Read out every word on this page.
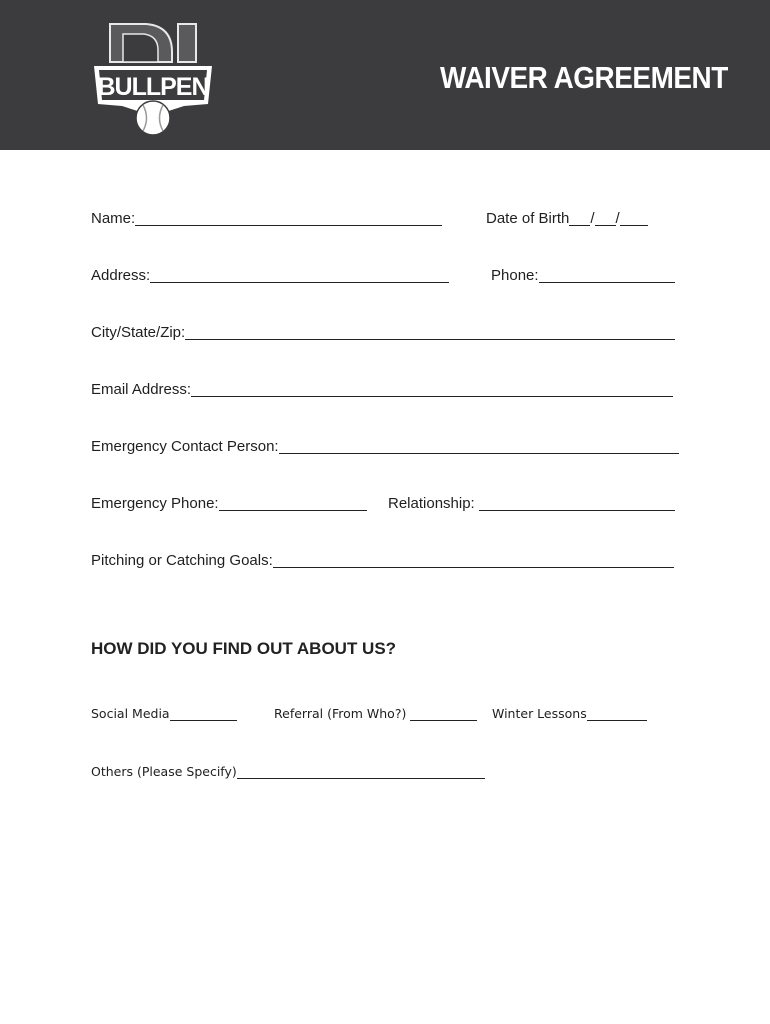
BULLPEN	WAIVER AGREEMENT
Name:	Date of Birth / /
Address:	Phone:
City/State/Zip:
Email Address:
Emergency Contact Person:
Emergency Phone:	Relationship:
Pitching or Catching Goals:
HOW DID YOU FIND OUT ABOUT US?
Social Media	Referral (From Who?)	Winter Lessons
Others (Please Specify)
